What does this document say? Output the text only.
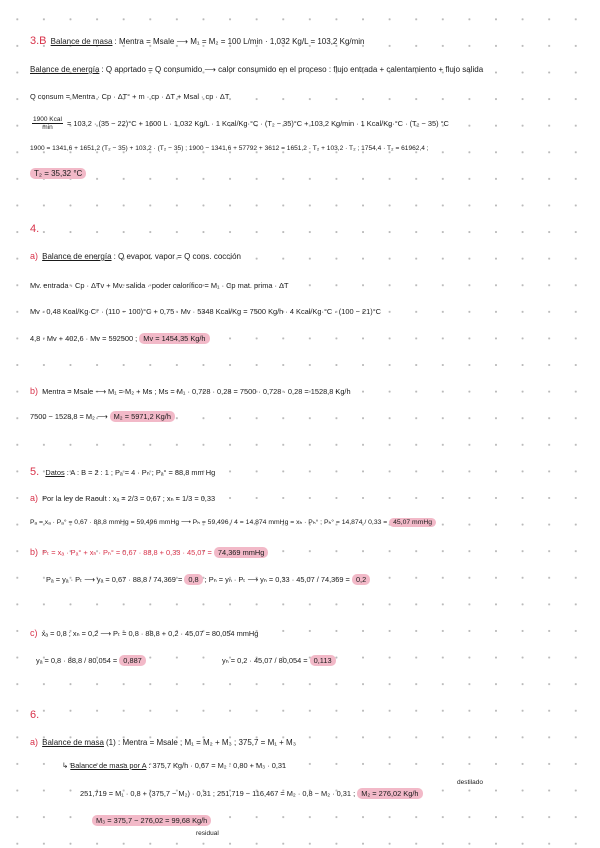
3.B Balance de masa : Mentra = Msale ⟶ M₁ = M₂ = 100 L/min · 1,032 Kg/L = 103,2 Kg/min
Balance de energía : Q aportado = Q consumido ⟶ calor consumido en el proceso : flujo entrada + calentamiento + flujo salida
Q consum = Mentra · Cp · ΔT° + m · cp · ΔT + Msal · cp · ΔT
$\frac{\text{1900 Kcal}}{\min} = 103,2 \cdot (35 - 22)^\circ C + 1600$ L · 1,032 Kg/L · 1 Kcal/Kg·°C · (T₂ − 35)°C + 103,2 Kg/min · 1 Kcal/Kg·°C · (T₂ − 35) °C
1900 = 1341,6 + 1651,2 (T₂ − 35) + 103,2 · (T₂ − 35) ; 1900 − 1341,6 + 57792 + 3612 = 1651,2 · T₂ + 103,2 · T₂ ; 1754,4 · T₂ = 61962,4 ;
T₂ = 35,32 °C
4.
a) Balance de energía : Q evapor. vapor = Q cons. cocción
Mv. entrada · Cp · ΔTv + Mv. salida · poder calorífico = M₁ · Cp mat. prima · ΔT
Mv · 0,48 Kcal/Kg·C° · (110 − 100)°C + 0,75 · Mv · 5348 Kcal/Kg = 7500 Kg/h · 4 Kcal/Kg·°C · (100 − 21)°C
4,8 · Mv + 402,6 · Mv = 592500 ; Mv = 1454,35 Kg/h
b) Mentra = Msale ⟶ M₁ = M₂ + Ms ; Ms = M₁ · 0,728 · 0,28 = 7500 · 0,728 · 0,28 = 1528,8 Kg/h
7500 − 1528,8 = M₂ ⟶ M₂ = 5971,2 Kg/h
5. Datos : A : B = 2 : 1 ; Pₐ = 4 · Pₕ ; Pₐ° = 88,8 mm Hg
a) Por la ley de Raoult : xₐ = 2/3 = 0,67 ; xₕ = 1/3 = 0,33
Pₐ = xₐ · Pₐ° = 0,67 · 88,8 mmHg = 59,496 mmHg ⟶ Pₕ = 59,496 / 4 = 14,874 mmHg = xₕ · Pₕ° ; Pₕ° = 14,874 / 0,33 = 45,07 mmHg
b) Pₜ = xₐ · Pₐ° + xₕ · Pₕ° = 0,67 · 88,8 + 0,33 · 45,07 = 74,369 mmHg
Pₐ = yₐ · Pₜ ⟶ yₐ = 0,67 · 88,8 / 74,369 = 0,8 ; Pₕ = yₕ · Pₜ ⟶ yₕ = 0,33 · 45,07 / 74,369 = 0,2
c) xₐ = 0,8 ; xₕ = 0,2 ⟶ Pₜ = 0,8 · 88,8 + 0,2 · 45,07 = 80,054 mmHg
yₐ = 0,8 · 88,8 / 80,054 = 0,887	yₕ = 0,2 · 45,07 / 80,054 = 0,113
6.
a) Balance de masa (1) : Mentra = Msale ; M₁ = M₂ + M₃ ; 375,7 = M₁ + M₃
↳ Balance de masa por A : 375,7 Kg/h · 0,67 = M₂ · 0,80 + M₃ · 0,31
destilado
251,719 = M₁ · 0,8 + (375,7 − M₂) · 0,31 ; 251,719 − 116,467 = M₂ · 0,8 − M₂ · 0,31 ; M₂ = 276,02 Kg/h
M₃ = 375,7 − 276,02 = 99,68 Kg/h
residual
